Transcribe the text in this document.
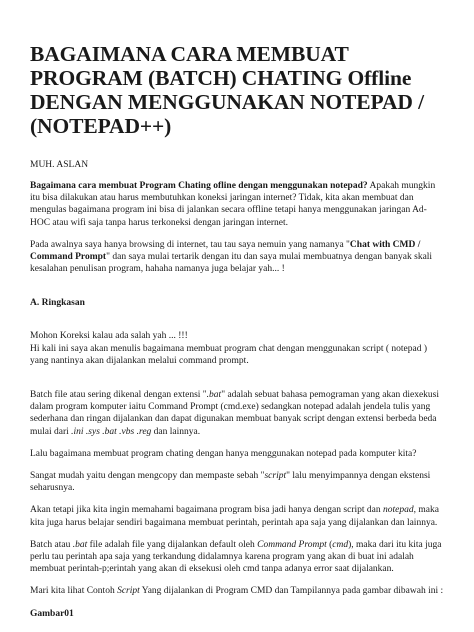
BAGAIMANA CARA MEMBUAT PROGRAM (BATCH) CHATING Offline DENGAN MENGGUNAKAN NOTEPAD / (NOTEPAD++)
MUH. ASLAN

Bagaimana cara membuat Program Chating ofline dengan menggunakan notepad? Apakah mungkin itu bisa dilakukan atau harus membutuhkan koneksi jaringan internet? Tidak, kita akan membuat dan mengulas bagaimana program ini bisa di jalankan secara offline tetapi hanya menggunakan jaringan Ad-HOC atau wifi saja tanpa harus terkoneksi dengan jaringan internet.

Pada awalnya saya hanya browsing di internet, tau tau saya nemuin yang namanya "Chat with CMD / Command Prompt" dan saya mulai tertarik dengan itu dan saya mulai membuatnya dengan banyak skali kesalahan penulisan program, hahaha namanya juga belajar yah... !

A. Ringkasan

Mohon Koreksi kalau ada salah yah ... !!!
Hi kali ini saya akan menulis bagaimana membuat program chat dengan menggunakan script ( notepad ) yang nantinya akan dijalankan melalui command prompt.

Batch file atau sering dikenal dengan extensi ".bat" adalah sebuat bahasa pemograman yang akan diexekusi dalam program komputer iaitu Command Prompt (cmd.exe) sedangkan notepad adalah jendela tulis yang sederhana dan ringan dijalankan dan dapat digunakan membuat banyak script dengan extensi berbeda beda mulai dari .ini .sys .bat .vbs .reg dan lainnya.

Lalu bagaimana membuat program chating dengan hanya menggunakan notepad pada komputer kita?

Sangat mudah yaitu dengan mengcopy dan mempaste sebah "script" lalu menyimpannya dengan ekstensi seharusnya.

Akan tetapi jika kita ingin memahami bagaimana program bisa jadi hanya dengan script dan notepad, maka kita juga harus belajar sendiri bagaimana membuat perintah, perintah apa saja yang dijalankan dan lainnya.

Batch atau .bat file adalah file yang dijalankan default oleh Command Prompt (cmd), maka dari itu kita juga perlu tau perintah apa saja yang terkandung didalamnya karena program yang akan di buat ini adalah membuat perintah-p;erintah yang akan di eksekusi oleh cmd tanpa adanya error saat dijalankan.

Mari kita lihat Contoh Script Yang dijalankan di Program CMD dan Tampilannya pada gambar dibawah ini :

Gambar01
